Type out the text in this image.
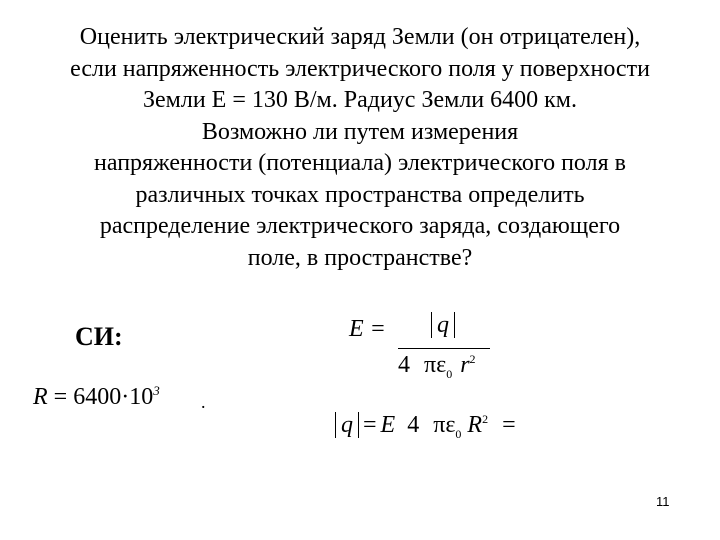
Оценить электрический заряд Земли (он отрицателен),
если напряженность электрического поля у поверхности
Земли Е = 130 В/м. Радиус Земли 6400 км.
Возможно ли путем измерения
напряженности (потенциала) электрического поля в
различных точках пространства определить
распределение электрического заряда, создающего
поле, в пространстве?

СИ:
$R = 6400\cdot 10^3$
.
E =	q
4 $\pi\varepsilon_0$ $r^2$
q = E 4 $\pi\varepsilon_0$ $R^2$ =
11
